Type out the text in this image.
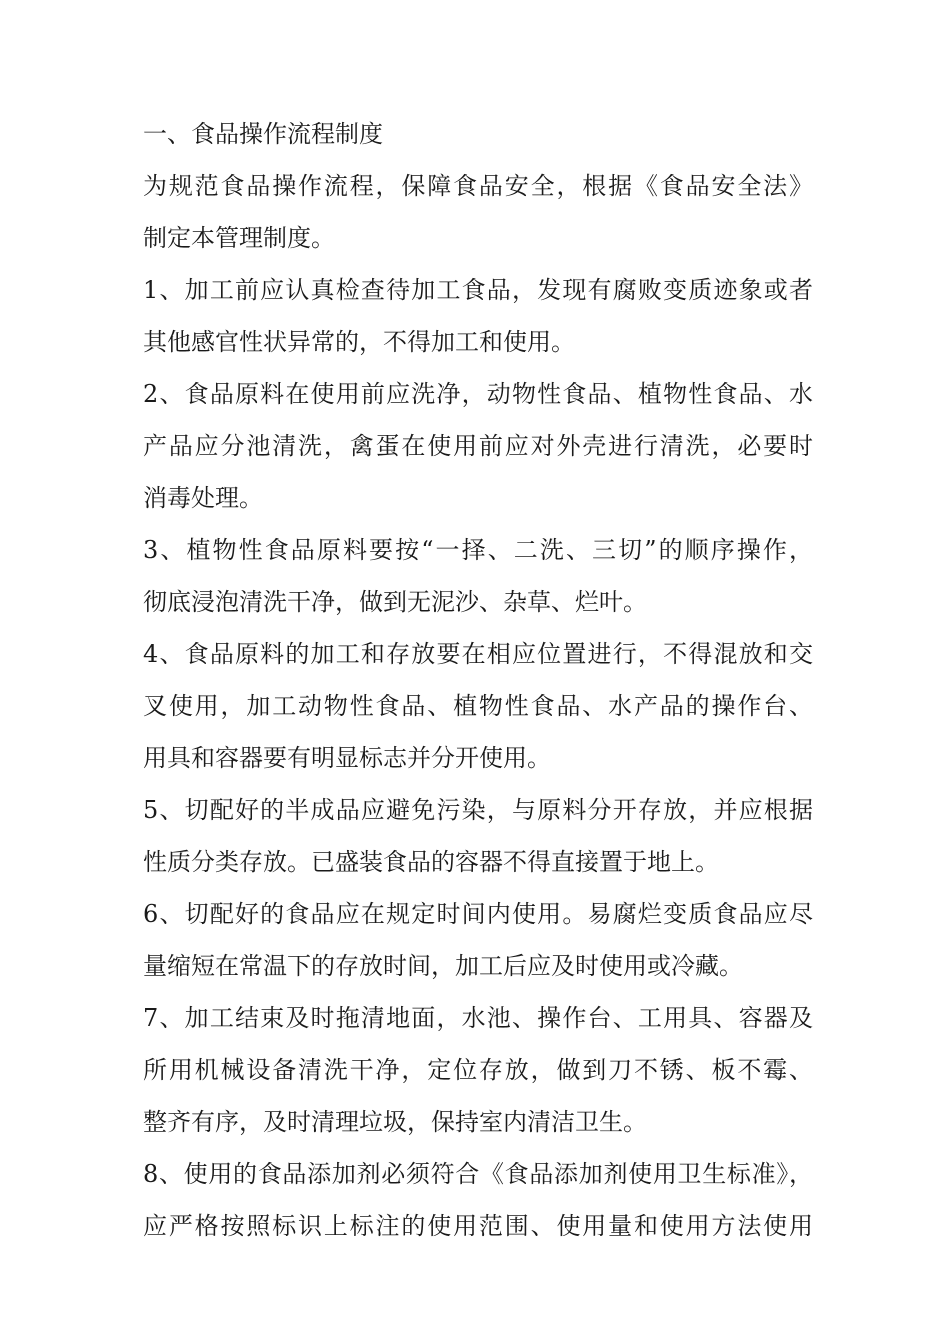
一、食品操作流程制度
为规范食品操作流程，保障食品安全，根据《食品安全法》
制定本管理制度。
1、加工前应认真检查待加工食品，发现有腐败变质迹象或者
其他感官性状异常的，不得加工和使用。
2、食品原料在使用前应洗净，动物性食品、植物性食品、水
产品应分池清洗，禽蛋在使用前应对外壳进行清洗，必要时
消毒处理。
3、植物性食品原料要按“一择、二洗、三切”的顺序操作，
彻底浸泡清洗干净，做到无泥沙、杂草、烂叶。
4、食品原料的加工和存放要在相应位置进行，不得混放和交
叉使用，加工动物性食品、植物性食品、水产品的操作台、
用具和容器要有明显标志并分开使用。
5、切配好的半成品应避免污染，与原料分开存放，并应根据
性质分类存放。已盛装食品的容器不得直接置于地上。
6、切配好的食品应在规定时间内使用。易腐烂变质食品应尽
量缩短在常温下的存放时间，加工后应及时使用或冷藏。
7、加工结束及时拖清地面，水池、操作台、工用具、容器及
所用机械设备清洗干净，定位存放，做到刀不锈、板不霉、
整齐有序，及时清理垃圾，保持室内清洁卫生。
8、使用的食品添加剂必须符合《食品添加剂使用卫生标准》，
应严格按照标识上标注的使用范围、使用量和使用方法使用
